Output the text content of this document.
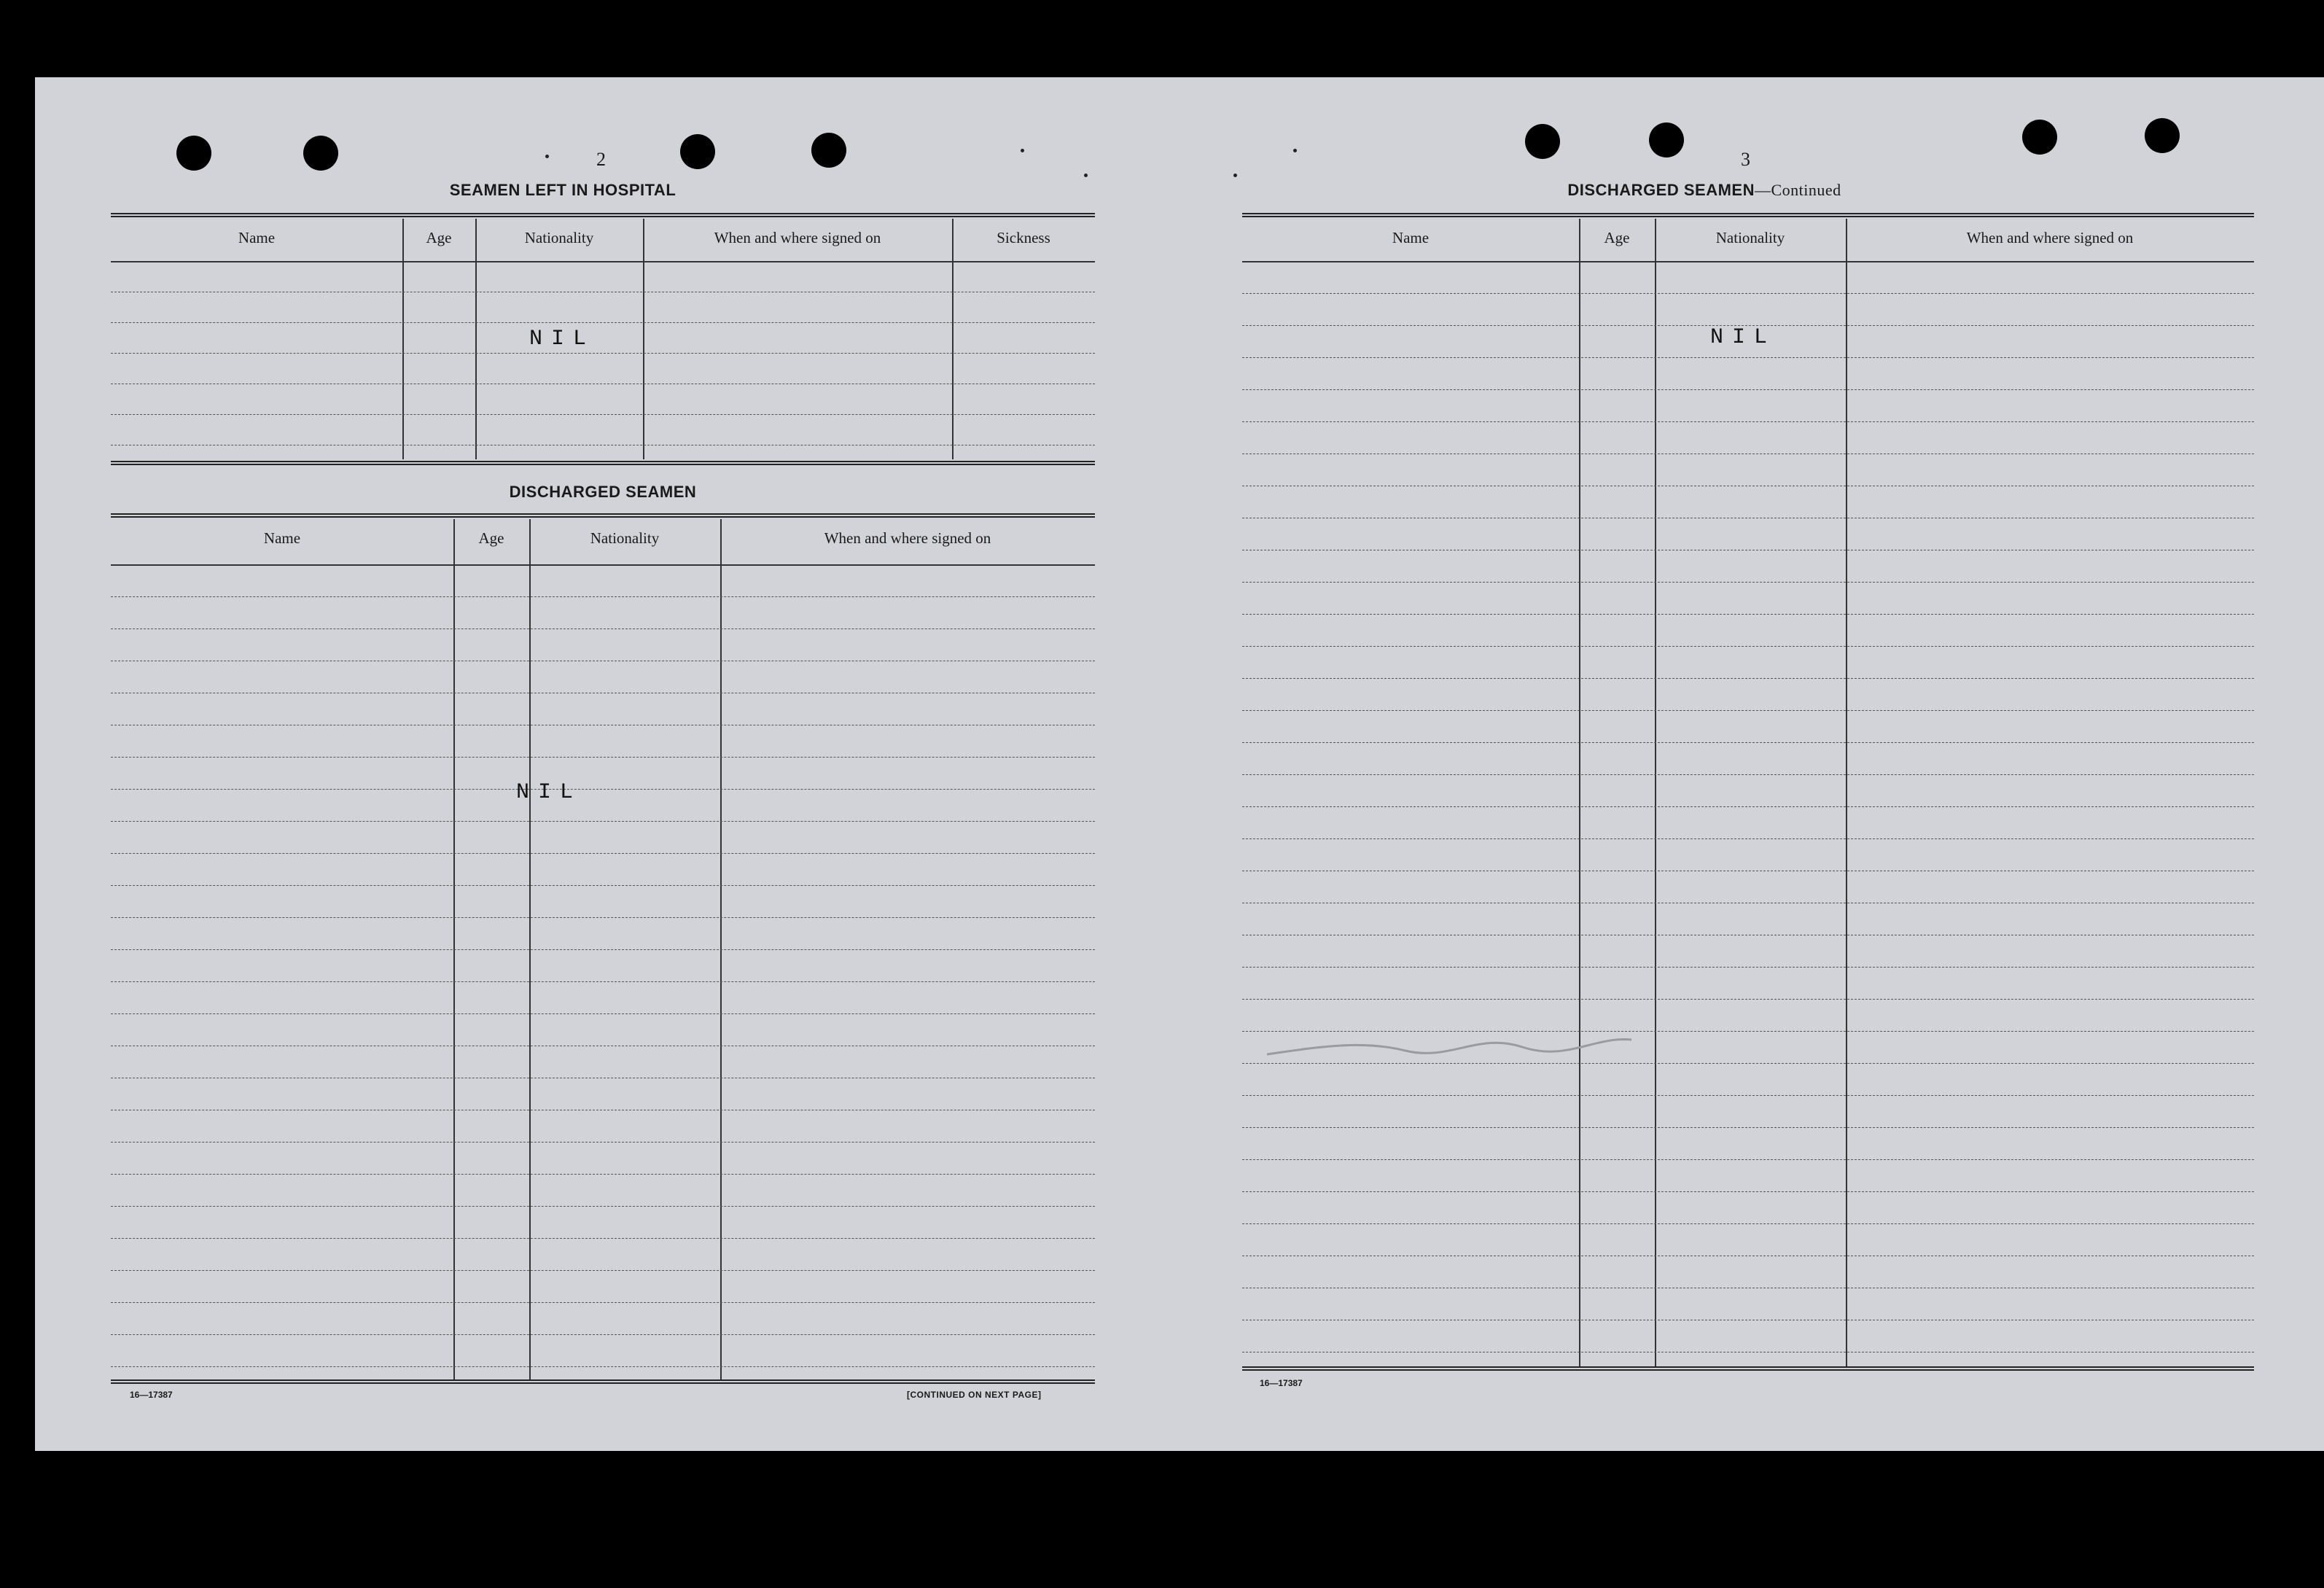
2
SEAMEN LEFT IN HOSPITAL
Name	Age	Nationality	When and where signed on	Sickness
NIL
DISCHARGED SEAMEN
Name	Age	Nationality	When and where signed on
NIL
16—17387	[CONTINUED ON NEXT PAGE]
3
DISCHARGED SEAMEN—Continued
Name	Age	Nationality	When and where signed on
NIL
16—17387
